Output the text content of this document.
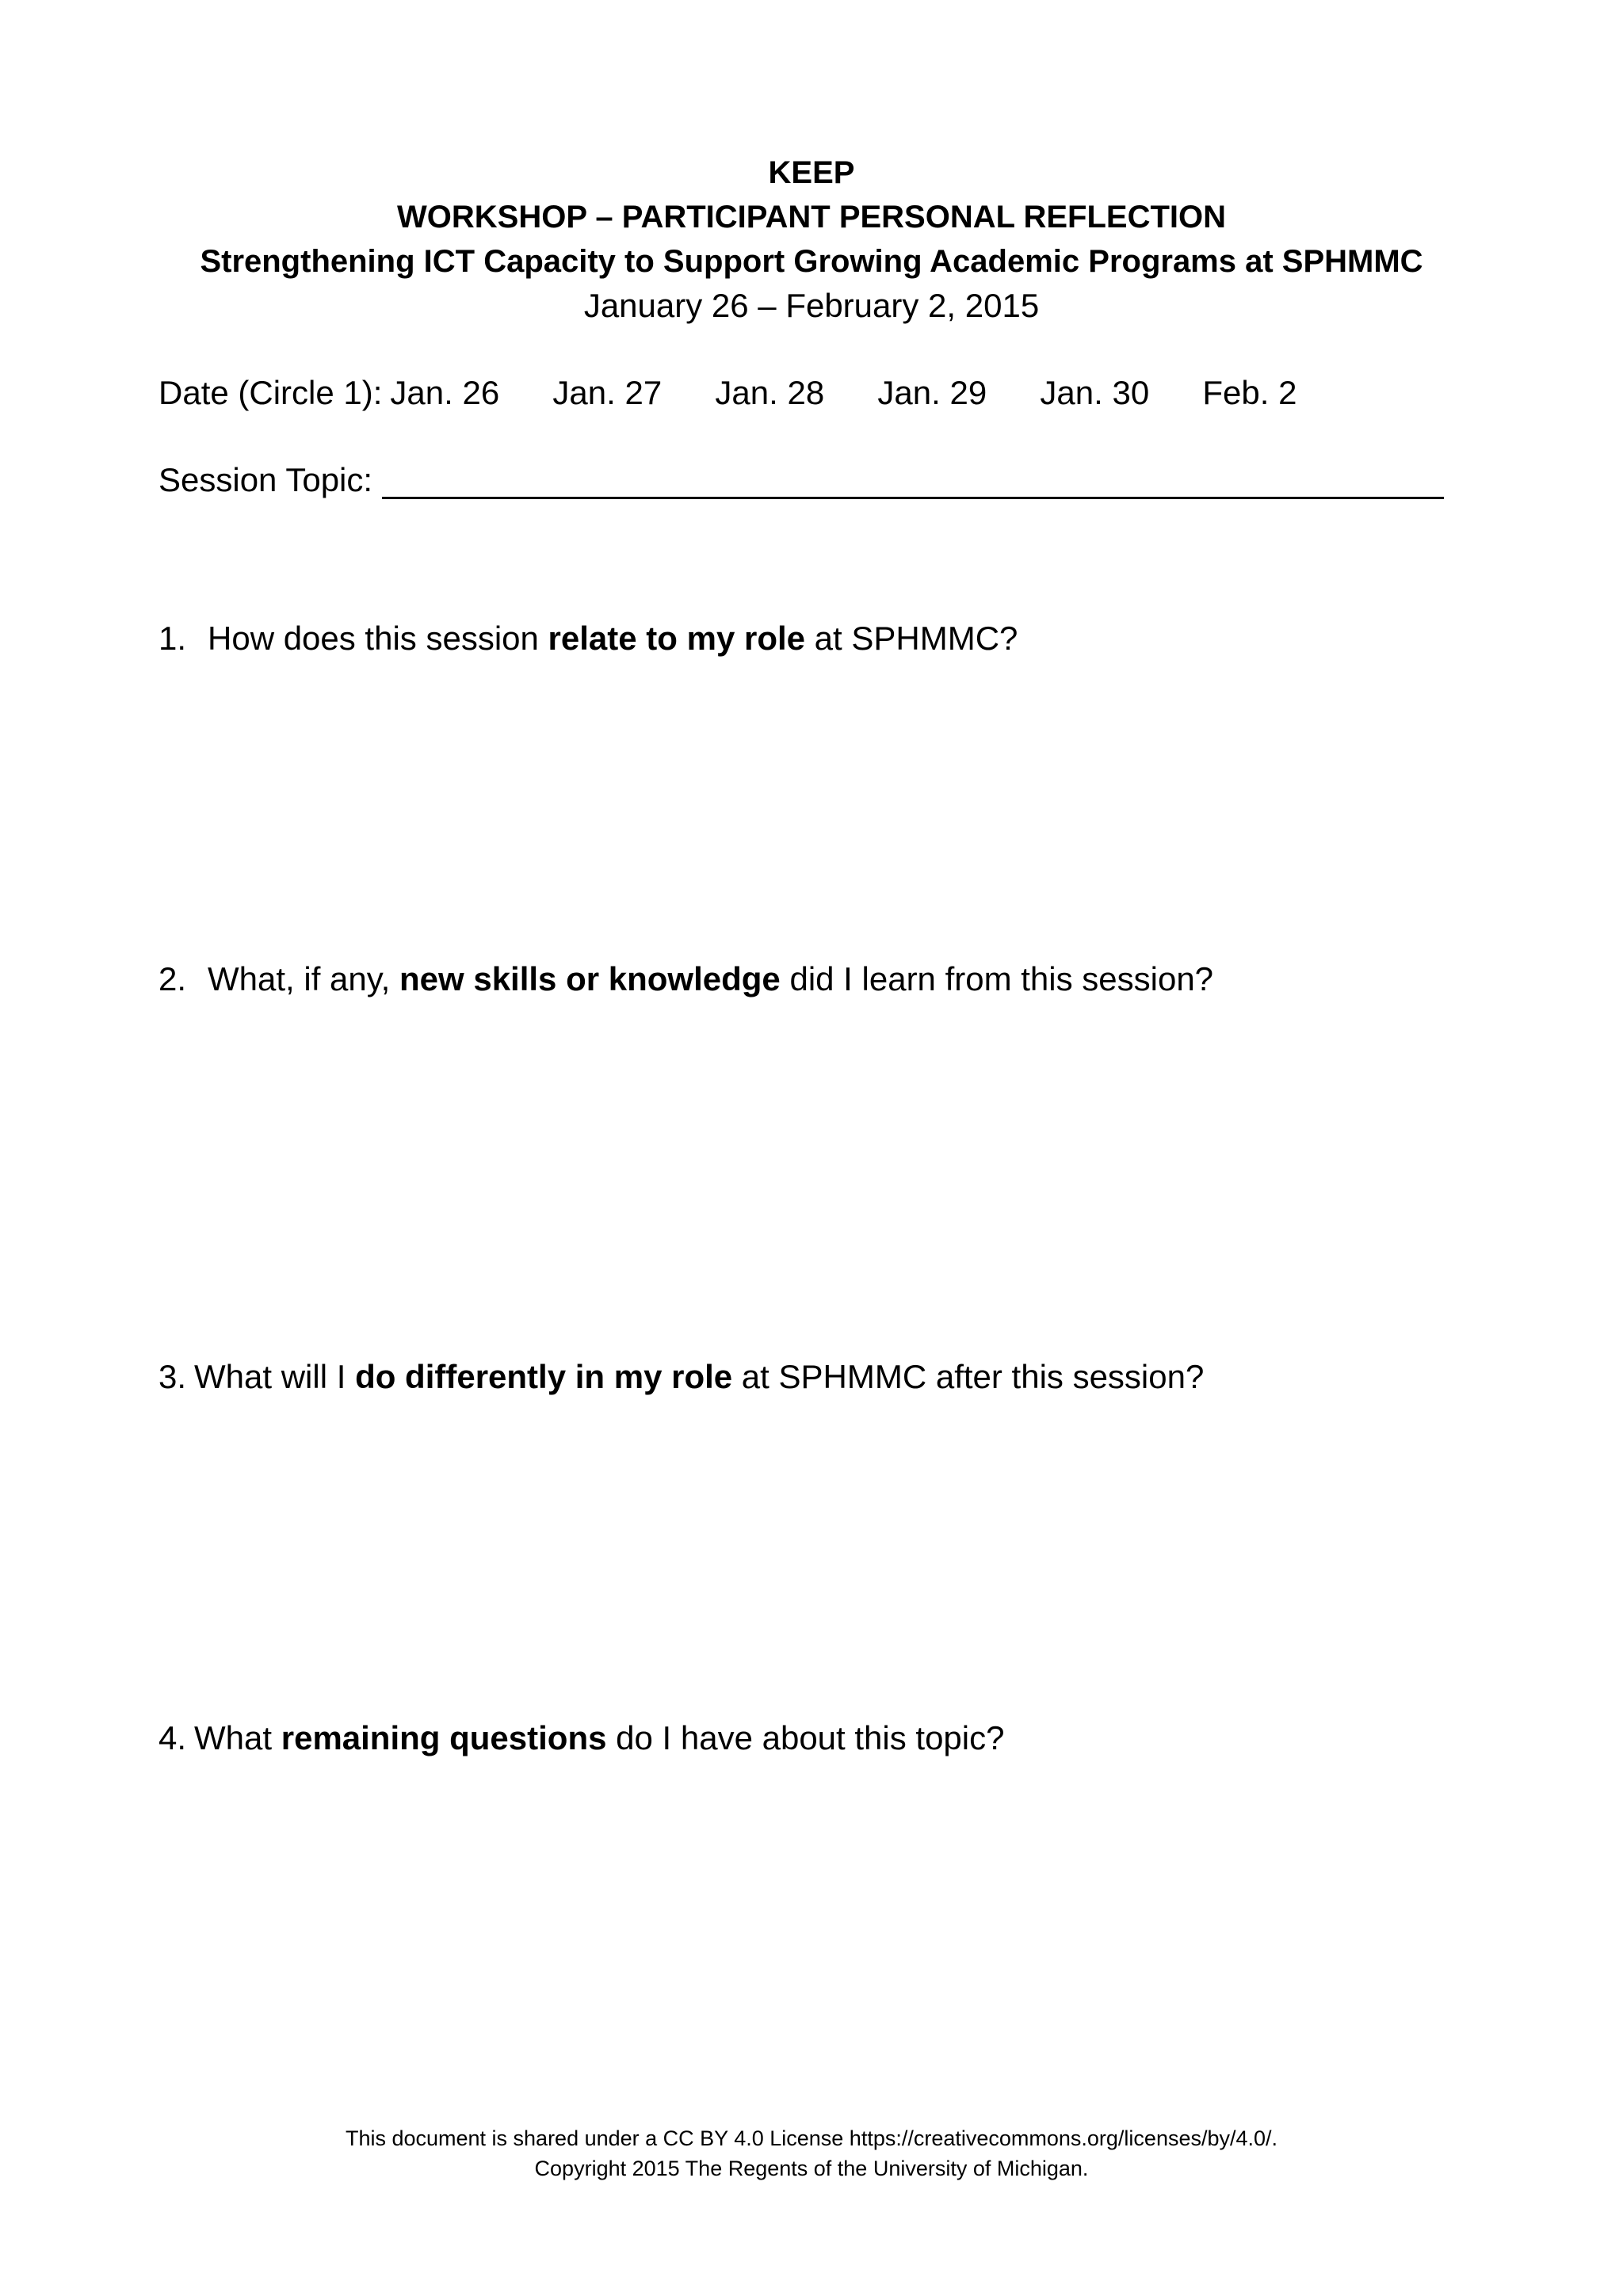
KEEP
WORKSHOP – PARTICIPANT PERSONAL REFLECTION
Strengthening ICT Capacity to Support Growing Academic Programs at SPHMMC
January 26 – February 2, 2015
Date (Circle 1): Jan. 26	Jan. 27	Jan. 28	Jan. 29	Jan. 30	Feb. 2
Session Topic:
1. How does this session relate to my role at SPHMMC?
2. What, if any, new skills or knowledge did I learn from this session?
3. What will I do differently in my role at SPHMMC after this session?
4. What remaining questions do I have about this topic?
This document is shared under a CC BY 4.0 License https://creativecommons.org/licenses/by/4.0/.
Copyright 2015 The Regents of the University of Michigan.
